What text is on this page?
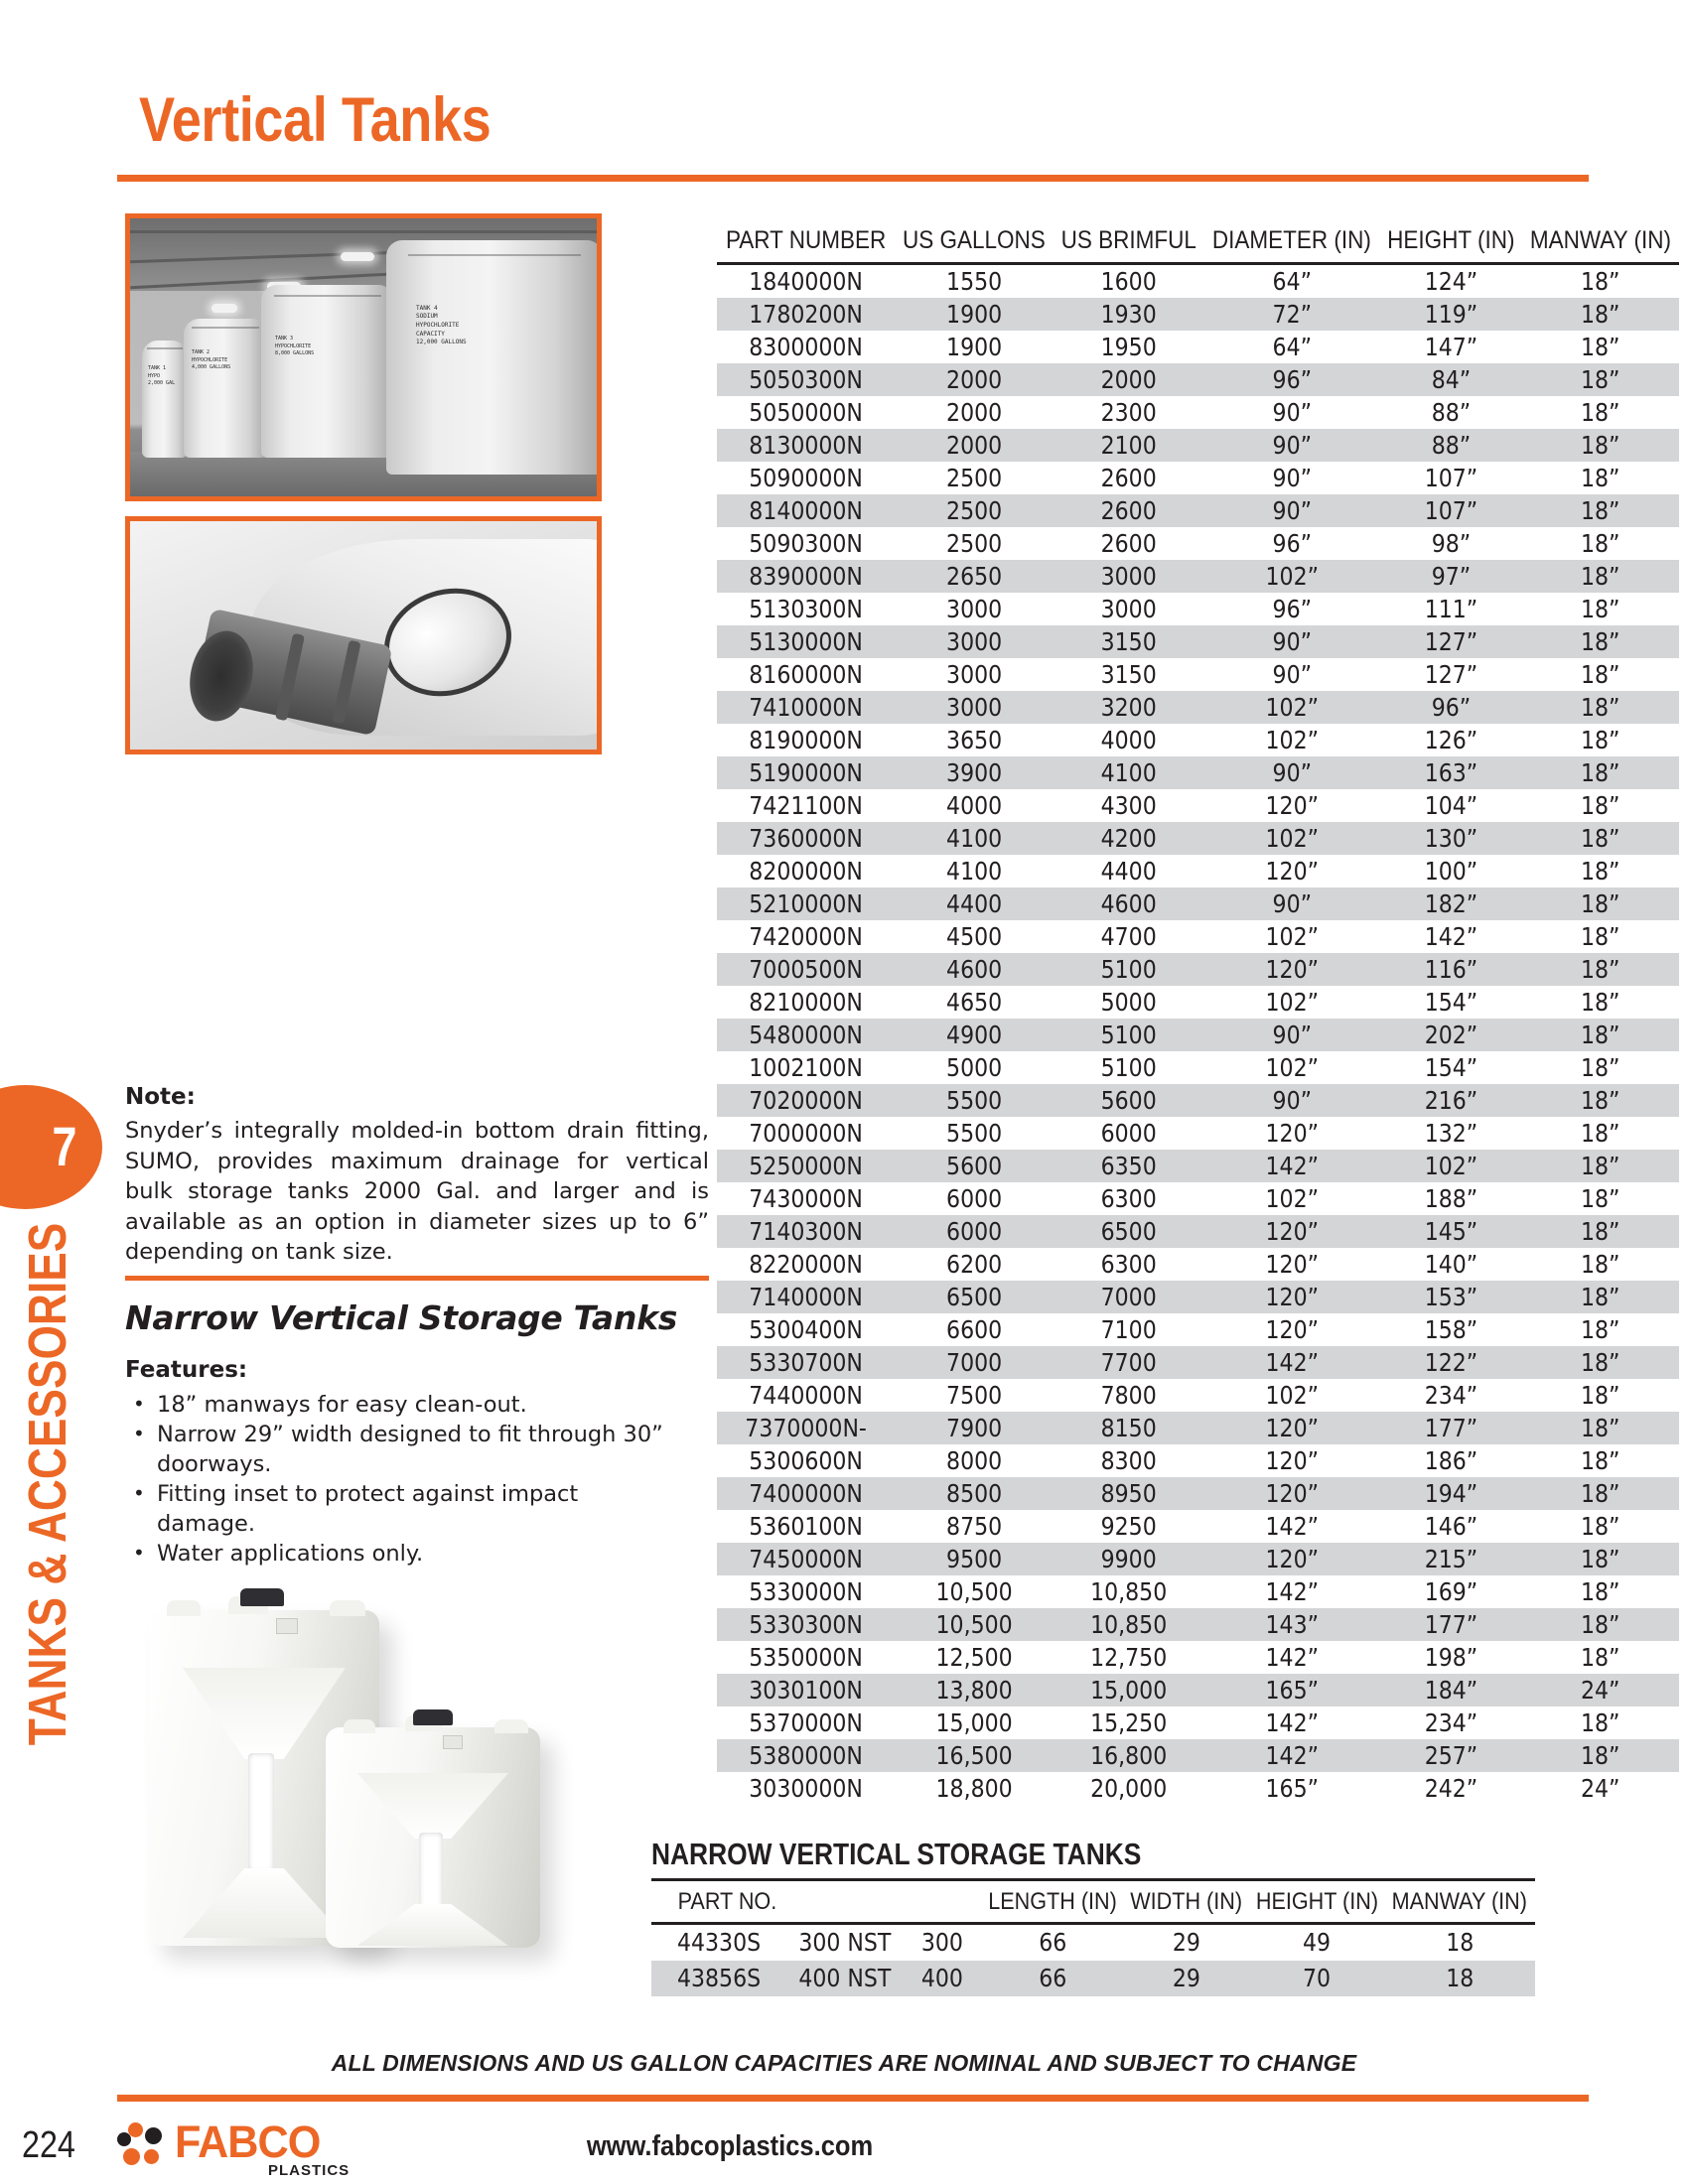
Vertical Tanks
7
TANKS & ACCESSORIES
TANK 1
HYPO
2,000 GAL
TANK 2
HYPOCHLORITE
4,000 GALLONS
TANK 3
HYPOCHLORITE
8,000 GALLONS
TANK 4
SODIUM
HYPOCHLORITE
CAPACITY
12,000 GALLONS
Note:
Snyder’s integrally molded-in bottom drain fitting, SUMO, provides maximum drainage for vertical bulk storage tanks 2000 Gal. and larger and is available as an option in diameter sizes up to 6” depending on tank size.
Narrow Vertical Storage Tanks
Features:
• 18” manways for easy clean-out.
• Narrow 29” width designed to fit through 30” doorways.
• Fitting inset to protect against impact damage.
• Water applications only.
PART NUMBER	US GALLONS	US BRIMFUL	DIAMETER (IN)	HEIGHT (IN)	MANWAY (IN)
1840000N	1550	1600	64”	124”	18”
1780200N	1900	1930	72”	119”	18”
8300000N	1900	1950	64”	147”	18”
5050300N	2000	2000	96”	84”	18”
5050000N	2000	2300	90”	88”	18”
8130000N	2000	2100	90”	88”	18”
5090000N	2500	2600	90”	107”	18”
8140000N	2500	2600	90”	107”	18”
5090300N	2500	2600	96”	98”	18”
8390000N	2650	3000	102”	97”	18”
5130300N	3000	3000	96”	111”	18”
5130000N	3000	3150	90”	127”	18”
8160000N	3000	3150	90”	127”	18”
7410000N	3000	3200	102”	96”	18”
8190000N	3650	4000	102”	126”	18”
5190000N	3900	4100	90”	163”	18”
7421100N	4000	4300	120”	104”	18”
7360000N	4100	4200	102”	130”	18”
8200000N	4100	4400	120”	100”	18”
5210000N	4400	4600	90”	182”	18”
7420000N	4500	4700	102”	142”	18”
7000500N	4600	5100	120”	116”	18”
8210000N	4650	5000	102”	154”	18”
5480000N	4900	5100	90”	202”	18”
1002100N	5000	5100	102”	154”	18”
7020000N	5500	5600	90”	216”	18”
7000000N	5500	6000	120”	132”	18”
5250000N	5600	6350	142”	102”	18”
7430000N	6000	6300	102”	188”	18”
7140300N	6000	6500	120”	145”	18”
8220000N	6200	6300	120”	140”	18”
7140000N	6500	7000	120”	153”	18”
5300400N	6600	7100	120”	158”	18”
5330700N	7000	7700	142”	122”	18”
7440000N	7500	7800	102”	234”	18”
7370000N-	7900	8150	120”	177”	18”
5300600N	8000	8300	120”	186”	18”
7400000N	8500	8950	120”	194”	18”
5360100N	8750	9250	142”	146”	18”
7450000N	9500	9900	120”	215”	18”
5330000N	10,500	10,850	142”	169”	18”
5330300N	10,500	10,850	143”	177”	18”
5350000N	12,500	12,750	142”	198”	18”
3030100N	13,800	15,000	165”	184”	24”
5370000N	15,000	15,250	142”	234”	18”
5380000N	16,500	16,800	142”	257”	18”
3030000N	18,800	20,000	165”	242”	24”
NARROW VERTICAL STORAGE TANKS
PART NO.			LENGTH (IN)	WIDTH (IN)	HEIGHT (IN)	MANWAY (IN)
44330S	300 NST	300	66	29	49	18
43856S	400 NST	400	66	29	70	18
ALL DIMENSIONS AND US GALLON CAPACITIES ARE NOMINAL AND SUBJECT TO CHANGE
224 FABCO
PLASTICS
www.fabcoplastics.com
